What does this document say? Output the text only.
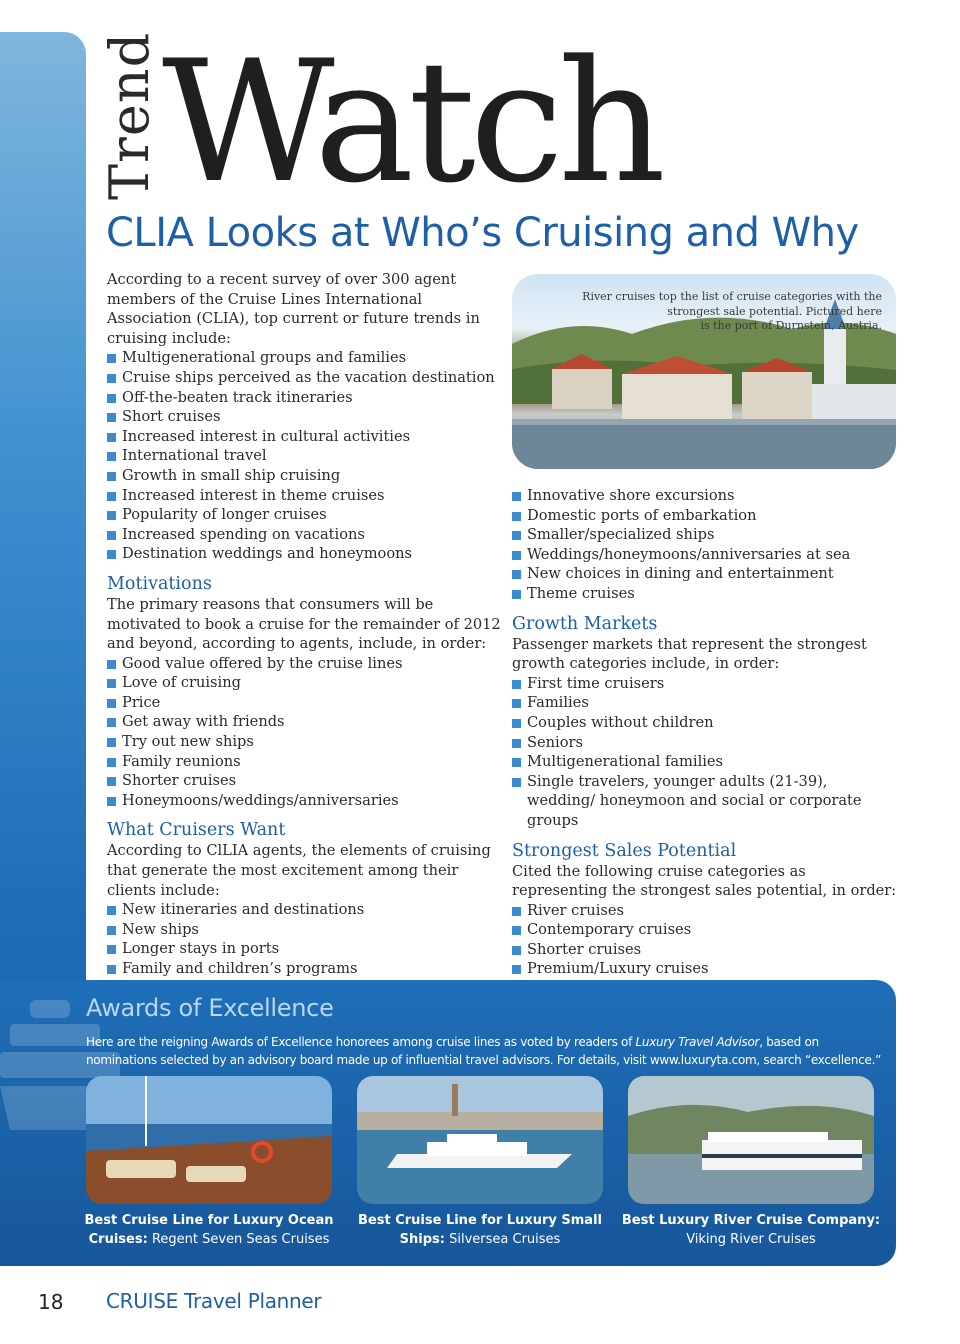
Trend Watch
CLIA Looks at Who’s Cruising and Why

According to a recent survey of over 300 agent members of the Cruise Lines International Association (CLIA), top current or future trends in cruising include:

Multigenerational groups and families
Cruise ships perceived as the vacation destination
Off-the-beaten track itineraries
Short cruises
Increased interest in cultural activities
International travel
Growth in small ship cruising
Increased interest in theme cruises
Popularity of longer cruises
Increased spending on vacations
Destination weddings and honeymoons
Motivations

The primary reasons that consumers will be motivated to book a cruise for the remainder of 2012 and beyond, according to agents, include, in order:

Good value offered by the cruise lines
Love of cruising
Price
Get away with friends
Try out new ships
Family reunions
Shorter cruises
Honeymoons/weddings/anniversaries
What Cruisers Want

According to ClLIA agents, the elements of cruising that generate the most excitement among their clients include:

New itineraries and destinations
New ships
Longer stays in ports
Family and children’s programs
River cruises top the list of cruise categories with the
strongest sale potential. Pictured here
is the port of Durnstein, Austria.
Innovative shore excursions
Domestic ports of embarkation
Smaller/specialized ships
Weddings/honeymoons/anniversaries at sea
New choices in dining and entertainment
Theme cruises
Growth Markets

Passenger markets that represent the strongest growth categories include, in order:

First time cruisers
Families
Couples without children
Seniors
Multigenerational families
Single travelers, younger adults (21-39), wedding/ honeymoon and social or corporate groups
Strongest Sales Potential

Cited the following cruise categories as representing the strongest sales potential, in order:

River cruises
Contemporary cruises
Shorter cruises
Premium/Luxury cruises
Awards of Excellence

Here are the reigning Awards of Excellence honorees among cruise lines as voted by readers of Luxury Travel Advisor, based on nominations selected by an advisory board made up of influential travel advisors. For details, visit www.luxuryta.com, search “excellence.”

Best Cruise Line for Luxury Ocean Cruises: Regent Seven Seas Cruises
Best Cruise Line for Luxury Small Ships: Silversea Cruises
Best Luxury River Cruise Company: Viking River Cruises
18 CRUISE Travel Planner
